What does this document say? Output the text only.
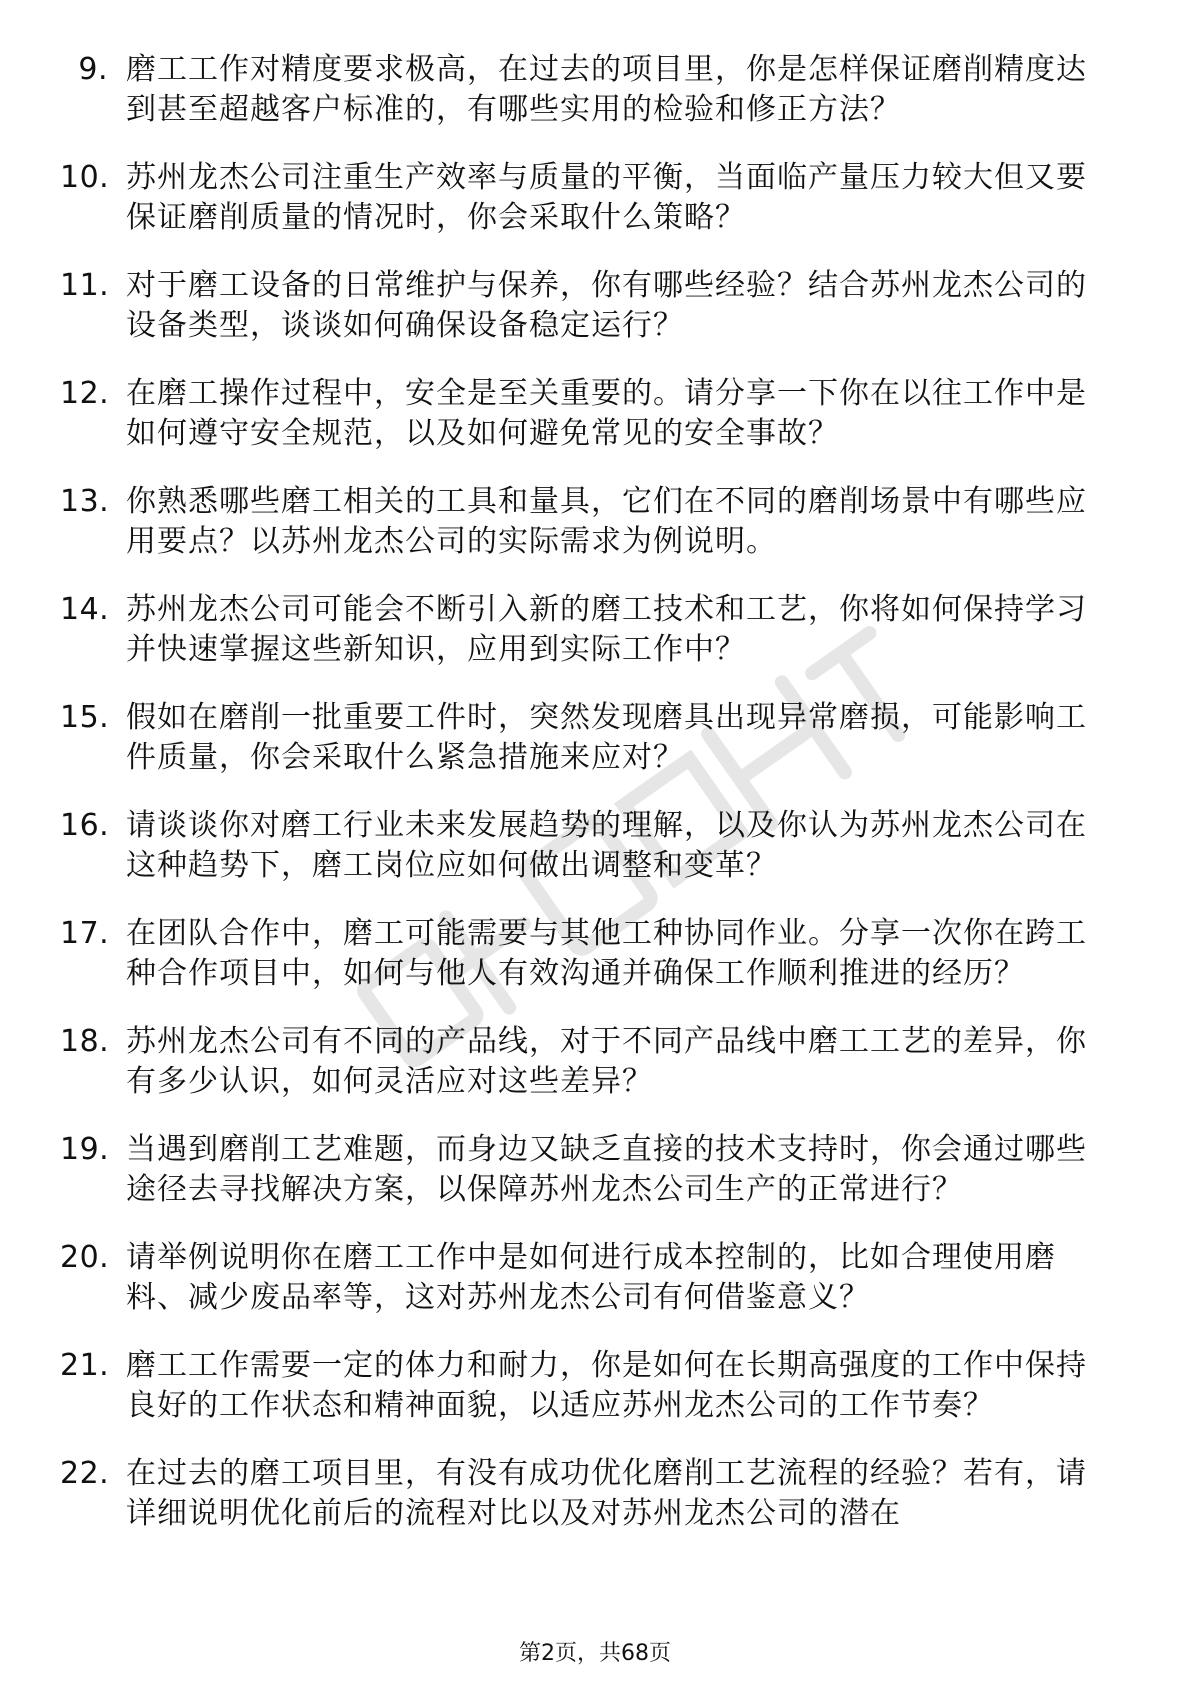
9. 磨工工作对精度要求极高，在过去的项目里，你是怎样保证磨削精度达到甚至超越客户标准的，有哪些实用的检验和修正方法？
10. 苏州龙杰公司注重生产效率与质量的平衡，当面临产量压力较大但又要保证磨削质量的情况时，你会采取什么策略？
11. 对于磨工设备的日常维护与保养，你有哪些经验？结合苏州龙杰公司的设备类型，谈谈如何确保设备稳定运行？
12. 在磨工操作过程中，安全是至关重要的。请分享一下你在以往工作中是如何遵守安全规范，以及如何避免常见的安全事故？
13. 你熟悉哪些磨工相关的工具和量具，它们在不同的磨削场景中有哪些应用要点？以苏州龙杰公司的实际需求为例说明。
14. 苏州龙杰公司可能会不断引入新的磨工技术和工艺，你将如何保持学习并快速掌握这些新知识，应用到实际工作中？
15. 假如在磨削一批重要工件时，突然发现磨具出现异常磨损，可能影响工件质量，你会采取什么紧急措施来应对？
16. 请谈谈你对磨工行业未来发展趋势的理解，以及你认为苏州龙杰公司在这种趋势下，磨工岗位应如何做出调整和变革？
17. 在团队合作中，磨工可能需要与其他工种协同作业。分享一次你在跨工种合作项目中，如何与他人有效沟通并确保工作顺利推进的经历？
18. 苏州龙杰公司有不同的产品线，对于不同产品线中磨工工艺的差异，你有多少认识，如何灵活应对这些差异？
19. 当遇到磨削工艺难题，而身边又缺乏直接的技术支持时，你会通过哪些途径去寻找解决方案，以保障苏州龙杰公司生产的正常进行？
20. 请举例说明你在磨工工作中是如何进行成本控制的，比如合理使用磨料、减少废品率等，这对苏州龙杰公司有何借鉴意义？
21. 磨工工作需要一定的体力和耐力，你是如何在长期高强度的工作中保持良好的工作状态和精神面貌，以适应苏州龙杰公司的工作节奏？
22. 在过去的磨工项目里，有没有成功优化磨削工艺流程的经验？若有，请详细说明优化前后的流程对比以及对苏州龙杰公司的潜在
第2页，共68页
